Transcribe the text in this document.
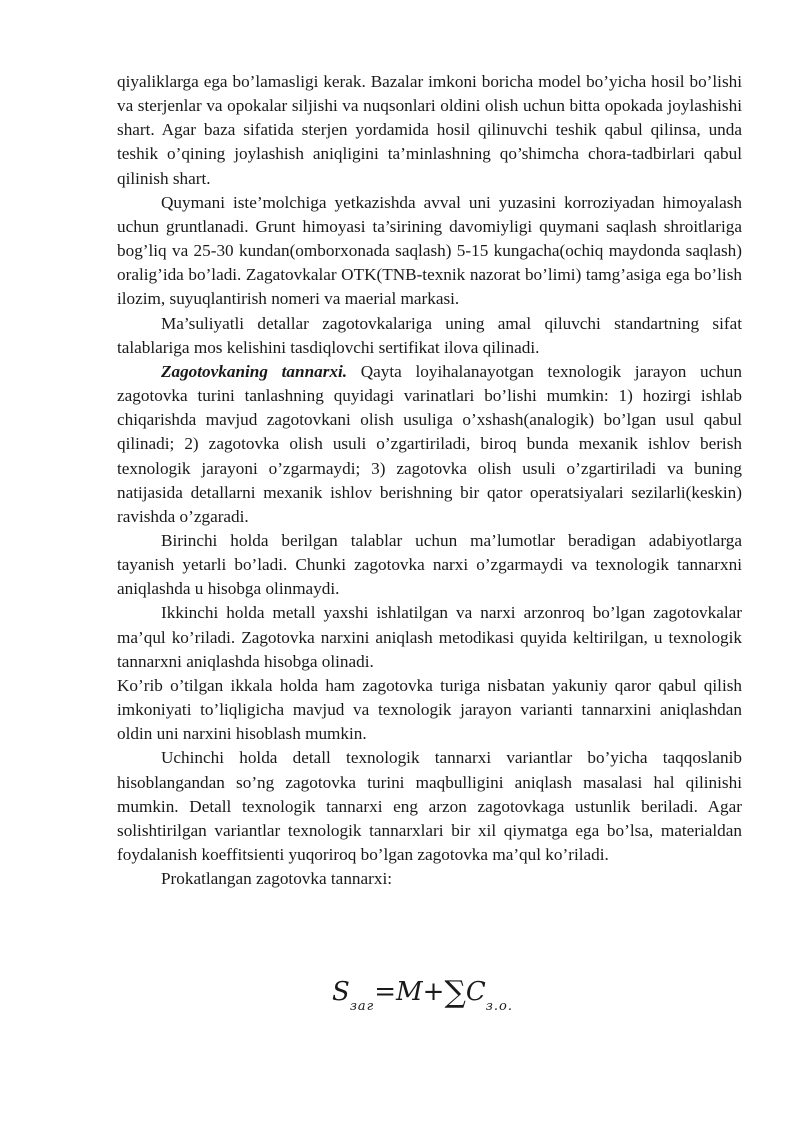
qiyaliklarga ega bo’lamasligi kerak. Bazalar imkoni boricha model bo’yicha hosil bo’lishi va sterjenlar va opokalar siljishi va nuqsonlari oldini olish uchun bitta opokada joylashishi shart. Agar baza sifatida sterjen yordamida hosil qilinuvchi teshik qabul qilinsa, unda teshik o’qining joylashish aniqligini ta’minlashning qo’shimcha chora-tadbirlari qabul qilinish shart.

Quymani iste’molchiga yetkazishda avval uni yuzasini korroziyadan himoyalash uchun gruntlanadi. Grunt himoyasi ta’sirining davomiyligi quymani saqlash shroitlariga bog’liq va 25-30 kundan(omborxonada saqlash) 5-15 kungacha(ochiq maydonda saqlash) oralig’ida bo’ladi. Zagatovkalar OTK(TNB-texnik nazorat bo’limi) tamg’asiga ega bo’lish ilozim, suyuqlantirish nomeri va maerial markasi.

Ma’suliyatli detallar zagotovkalariga uning amal qiluvchi standartning sifat talablariga mos kelishini tasdiqlovchi sertifikat ilova qilinadi.

Zagotovkaning tannarxi. Qayta loyihalanayotgan texnologik jarayon uchun zagotovka turini tanlashning quyidagi varinatlari bo’lishi mumkin: 1) hozirgi ishlab chiqarishda mavjud zagotovkani olish usuliga o’xshash(analogik) bo’lgan usul qabul qilinadi; 2) zagotovka olish usuli o’zgartiriladi, biroq bunda mexanik ishlov berish texnologik jarayoni o’zgarmaydi; 3) zagotovka olish usuli o’zgartiriladi va buning natijasida detallarni mexanik ishlov berishning bir qator operatsiyalari sezilarli(keskin) ravishda o’zgaradi.

Birinchi holda berilgan talablar uchun ma’lumotlar beradigan adabiyotlarga tayanish yetarli bo’ladi. Chunki zagotovka narxi o’zgarmaydi va texnologik tannarxni aniqlashda u hisobga olinmaydi.

Ikkinchi holda metall yaxshi ishlatilgan va narxi arzonroq bo’lgan zagotovkalar ma’qul ko’riladi. Zagotovka narxini aniqlash metodikasi quyida keltirilgan, u texnologik tannarxni aniqlashda hisobga olinadi.

Ko’rib o’tilgan ikkala holda ham zagotovka turiga nisbatan yakuniy qaror qabul qilish imkoniyati to’liqligicha mavjud va texnologik jarayon varianti tannarxini aniqlashdan oldin uni narxini hisoblash mumkin.

Uchinchi holda detall texnologik tannarxi variantlar bo’yicha taqqoslanib hisoblangandan so’ng zagotovka turini maqbulligini aniqlash masalasi hal qilinishi mumkin. Detall texnologik tannarxi eng arzon zagotovkaga ustunlik beriladi. Agar solishtirilgan variantlar texnologik tannarxlari bir xil qiymatga ega bo’lsa, materialdan foydalanish koeffitsienti yuqoriroq bo’lgan zagotovka ma’qul ko’riladi.

Prokatlangan zagotovka tannarxi:

$S_{заг}=M+\sum C_{з.о.}$
